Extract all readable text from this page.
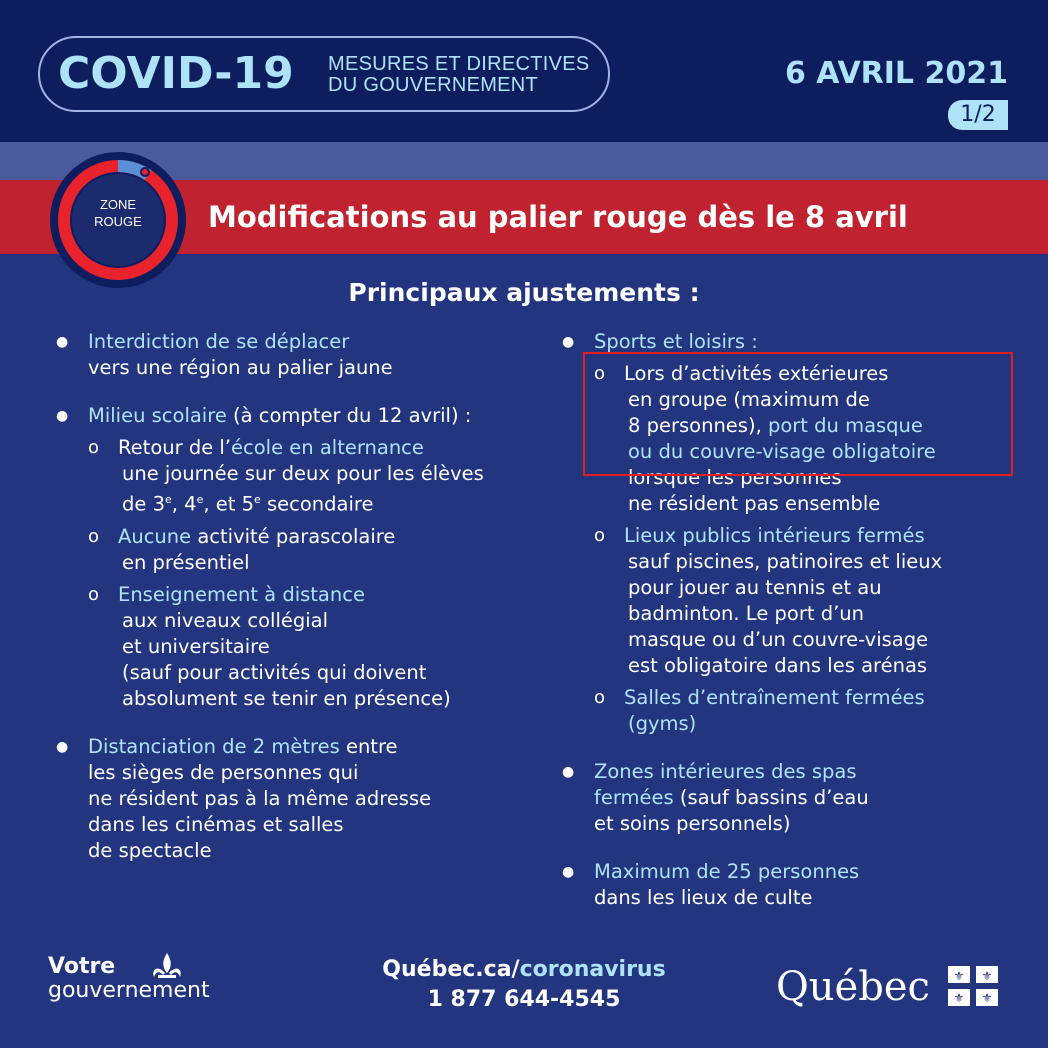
COVID-19 MESURES ET DIRECTIVES
DU GOUVERNEMENT	6 AVRIL 2021
1/2
Modifications au palier rouge dès le 8 avril
ZONE
ROUGE
Principaux ajustements :
●	Interdiction de se déplacer
vers une région au palier jaune
●	Milieu scolaire (à compter du 12 avril) :
o Retour de l’école en alternance
une journée sur deux pour les élèves
de 3e, 4e, et 5e secondaire
o Aucune activité parascolaire
en présentiel
o Enseignement à distance
aux niveaux collégial
et universitaire
(sauf pour activités qui doivent
absolument se tenir en présence)
●	Distanciation de 2 mètres entre
les sièges de personnes qui
ne résident pas à la même adresse
dans les cinémas et salles
de spectacle
●	Sports et loisirs :
o Lors d’activités extérieures
en groupe (maximum de
8 personnes), port du masque
ou du couvre-visage obligatoire
lorsque les personnes
ne résident pas ensemble
o Lieux publics intérieurs fermés
sauf piscines, patinoires et lieux
pour jouer au tennis et au
badminton. Le port d’un
masque ou d’un couvre-visage
est obligatoire dans les arénas
o Salles d’entraînement fermées
(gyms)
●	Zones intérieures des spas
fermées (sauf bassins d’eau
et soins personnels)
●	Maximum de 25 personnes
dans les lieux de culte
Votre
gouvernement
Québec.ca/coronavirus
1 877 644-4545	Québec ⚜ ⚜
⚜ ⚜
